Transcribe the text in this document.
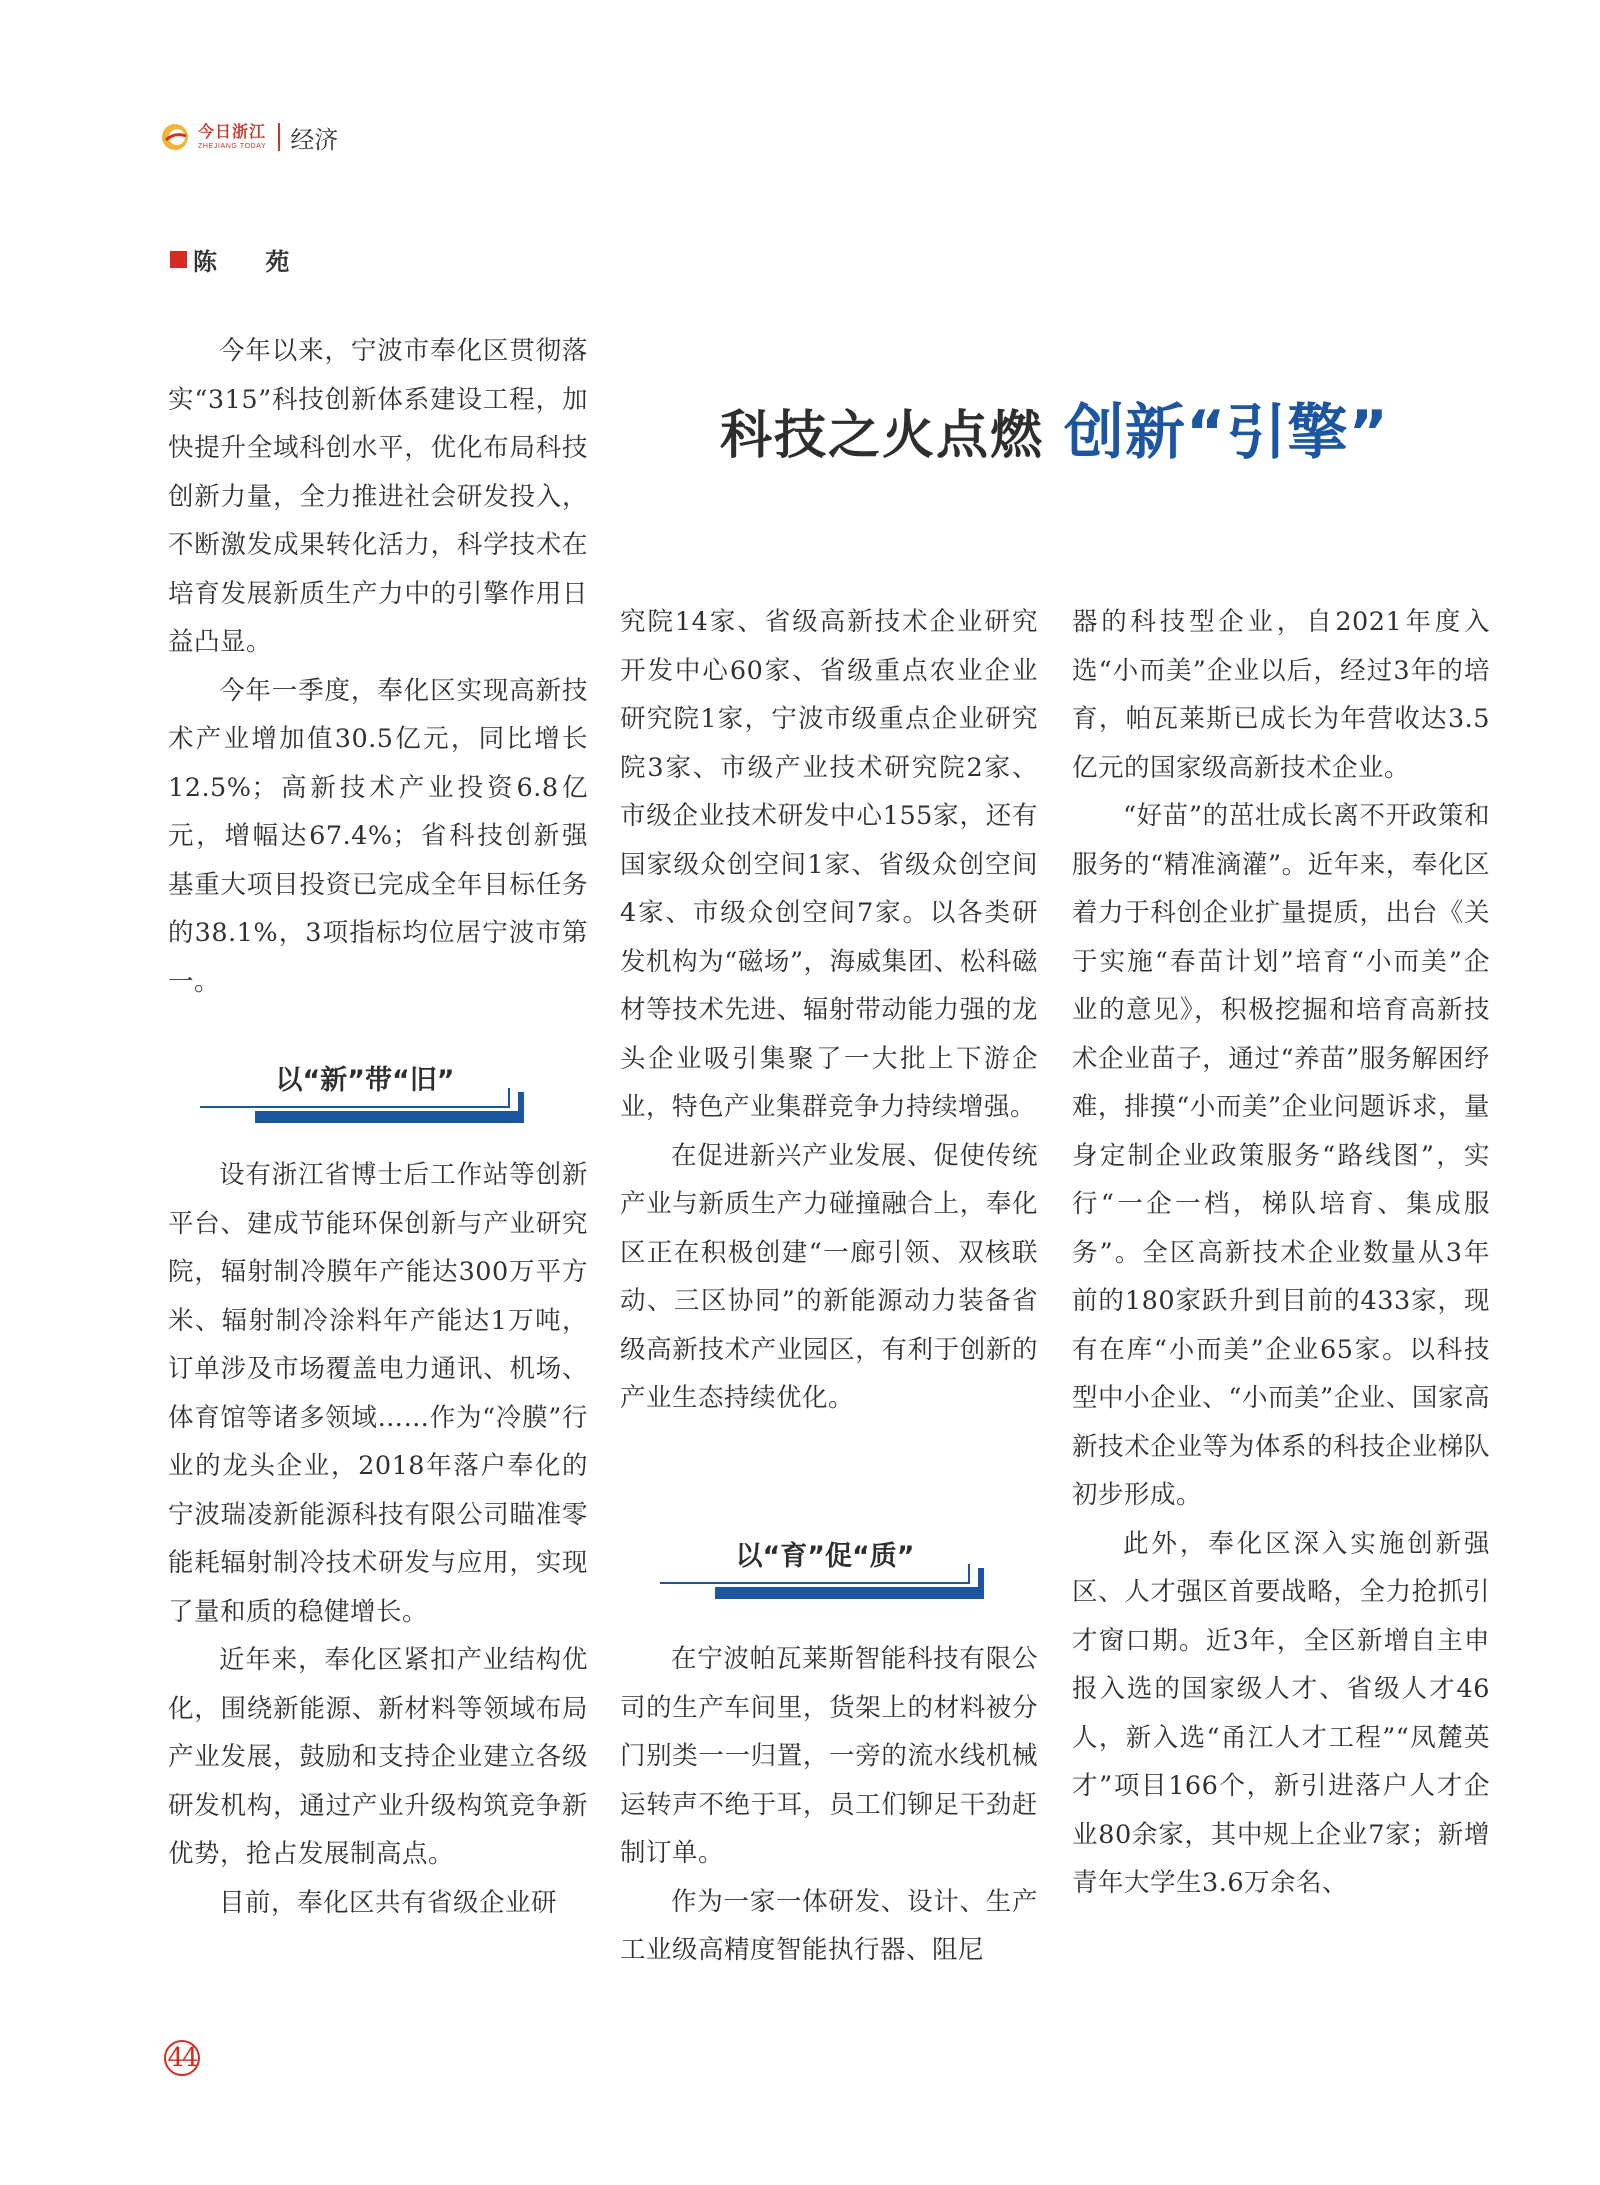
今日浙江
ZHEJIANG TODAY 经济
陈 苑
科技之火点燃 创新“引擎”

今年以来，宁波市奉化区贯彻落实“315”科技创新体系建设工程，加快提升全域科创水平，优化布局科技创新力量，全力推进社会研发投入，不断激发成果转化活力，科学技术在培育发展新质生产力中的引擎作用日益凸显。

今年一季度，奉化区实现高新技术产业增加值30.5亿元，同比增长12.5%；高新技术产业投资6.8亿元，增幅达67.4%；省科技创新强基重大项目投资已完成全年目标任务的38.1%，3项指标均位居宁波市第一。

以“新”带“旧”

设有浙江省博士后工作站等创新平台、建成节能环保创新与产业研究院，辐射制冷膜年产能达300万平方米、辐射制冷涂料年产能达1万吨，订单涉及市场覆盖电力通讯、机场、体育馆等诸多领域……作为“冷膜”行业的龙头企业，2018年落户奉化的宁波瑞凌新能源科技有限公司瞄准零能耗辐射制冷技术研发与应用，实现了量和质的稳健增长。

近年来，奉化区紧扣产业结构优化，围绕新能源、新材料等领域布局产业发展，鼓励和支持企业建立各级研发机构，通过产业升级构筑竞争新优势，抢占发展制高点。

目前，奉化区共有省级企业研

究院14家、省级高新技术企业研究开发中心60家、省级重点农业企业研究院1家，宁波市级重点企业研究院3家、市级产业技术研究院2家、市级企业技术研发中心155家，还有国家级众创空间1家、省级众创空间4家、市级众创空间7家。以各类研发机构为“磁场”，海威集团、松科磁材等技术先进、辐射带动能力强的龙头企业吸引集聚了一大批上下游企业，特色产业集群竞争力持续增强。

在促进新兴产业发展、促使传统产业与新质生产力碰撞融合上，奉化区正在积极创建“一廊引领、双核联动、三区协同”的新能源动力装备省级高新技术产业园区，有利于创新的产业生态持续优化。

以“育”促“质”

在宁波帕瓦莱斯智能科技有限公司的生产车间里，货架上的材料被分门别类一一归置，一旁的流水线机械运转声不绝于耳，员工们铆足干劲赶制订单。

作为一家一体研发、设计、生产工业级高精度智能执行器、阻尼

器的科技型企业，自2021年度入选“小而美”企业以后，经过3年的培育，帕瓦莱斯已成长为年营收达3.5亿元的国家级高新技术企业。

“好苗”的茁壮成长离不开政策和服务的“精准滴灌”。近年来，奉化区着力于科创企业扩量提质，出台《关于实施“春苗计划”培育“小而美”企业的意见》，积极挖掘和培育高新技术企业苗子，通过“养苗”服务解困纾难，排摸“小而美”企业问题诉求，量身定制企业政策服务“路线图”，实行“一企一档，梯队培育、集成服务”。全区高新技术企业数量从3年前的180家跃升到目前的433家，现有在库“小而美”企业65家。以科技型中小企业、“小而美”企业、国家高新技术企业等为体系的科技企业梯队初步形成。

此外，奉化区深入实施创新强区、人才强区首要战略，全力抢抓引才窗口期。近3年，全区新增自主申报入选的国家级人才、省级人才46人，新入选“甬江人才工程”“凤麓英才”项目166个，新引进落户人才企业80余家，其中规上企业7家；新增青年大学生3.6万余名、

44
